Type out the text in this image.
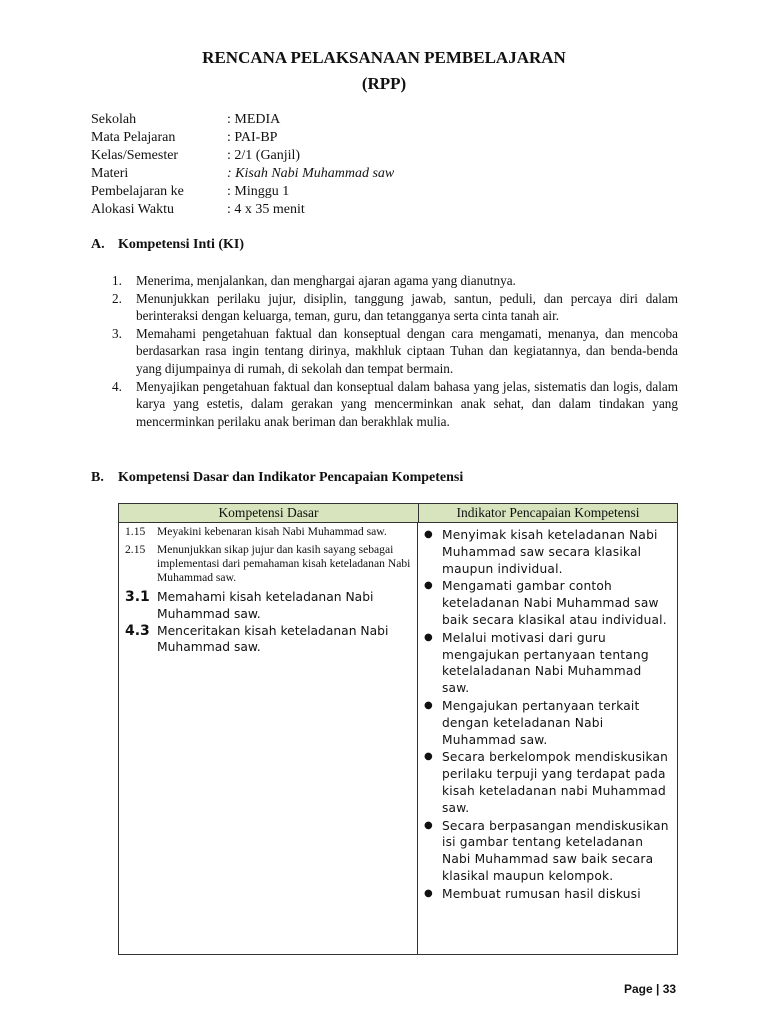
RENCANA PELAKSANAAN PEMBELAJARAN
(RPP)
Sekolah	: MEDIA
Mata Pelajaran	: PAI-BP
Kelas/Semester	: 2/1 (Ganjil)
Materi	: Kisah Nabi Muhammad saw
Pembelajaran ke	: Minggu 1
Alokasi Waktu	: 4 x 35 menit
A. Kompetensi Inti (KI)
1.	Menerima, menjalankan, dan menghargai ajaran agama yang dianutnya.
2.	Menunjukkan perilaku jujur, disiplin, tanggung jawab, santun, peduli, dan percaya diri dalam berinteraksi dengan keluarga, teman, guru, dan tetangganya serta cinta tanah air.
3.	Memahami pengetahuan faktual dan konseptual dengan cara mengamati, menanya, dan mencoba berdasarkan rasa ingin tentang dirinya, makhluk ciptaan Tuhan dan kegiatannya, dan benda-benda yang dijumpainya di rumah, di sekolah dan tempat bermain.
4.	Menyajikan pengetahuan faktual dan konseptual dalam bahasa yang jelas, sistematis dan logis, dalam karya yang estetis, dalam gerakan yang mencerminkan anak sehat, dan dalam tindakan yang mencerminkan perilaku anak beriman dan berakhlak mulia.
B. Kompetensi Dasar dan Indikator Pencapaian Kompetensi
Kompetensi Dasar	Indikator Pencapaian Kompetensi
1.15	Meyakini kebenaran kisah Nabi Muhammad saw.
2.15	Menunjukkan sikap jujur dan kasih sayang sebagai implementasi dari pemahaman kisah keteladanan Nabi Muhammad saw.
3.1 Memahami kisah keteladanan Nabi Muhammad saw.
4.3 Menceritakan kisah keteladanan Nabi Muhammad saw.
● Menyimak kisah keteladanan Nabi Muhammad saw secara klasikal maupun individual.
● Mengamati gambar contoh keteladanan Nabi Muhammad saw baik secara klasikal atau individual.
● Melalui motivasi dari guru mengajukan pertanyaan tentang ketelaladanan Nabi Muhammad saw.
● Mengajukan pertanyaan terkait dengan keteladanan Nabi Muhammad saw.
● Secara berkelompok mendiskusikan perilaku terpuji yang terdapat pada kisah keteladanan nabi Muhammad saw.
● Secara berpasangan mendiskusikan isi gambar tentang keteladanan Nabi Muhammad saw baik secara klasikal maupun kelompok.
● Membuat rumusan hasil diskusi
Page | 33
